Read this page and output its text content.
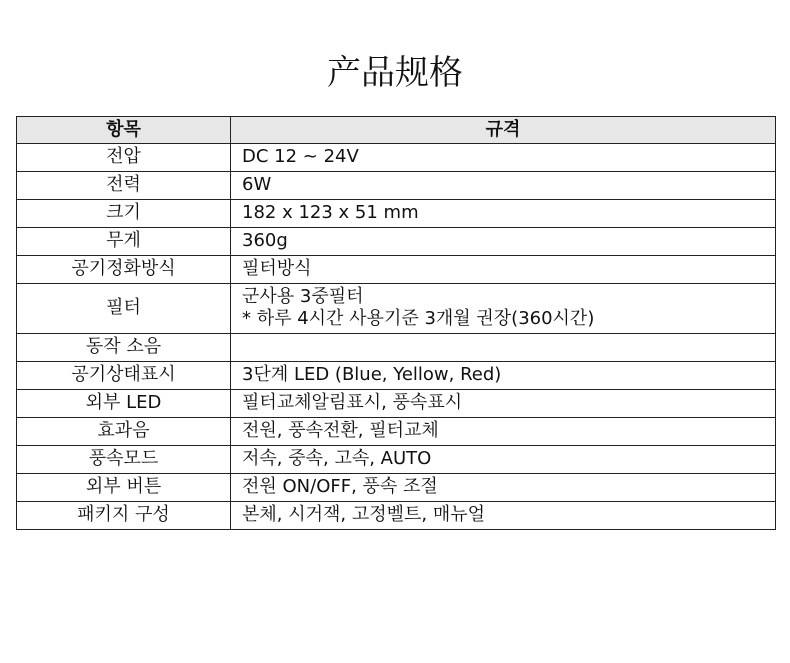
产品规格
항목	규격
전압	DC 12 ~ 24V

전력	6W

크기	182 x 123 x 51 mm

무게	360g

공기정화방식	필터방식

필터	군사용 3중필터
* 하루 4시간 사용기준 3개월 권장(360시간)

동작 소음	

공기상태표시	3단계 LED (Blue, Yellow, Red)

외부 LED	필터교체알림표시, 풍속표시

효과음	전원, 풍속전환, 필터교체

풍속모드	저속, 중속, 고속, AUTO

외부 버튼	전원 ON/OFF, 풍속 조절

패키지 구성	본체, 시거잭, 고정벨트, 매뉴얼
